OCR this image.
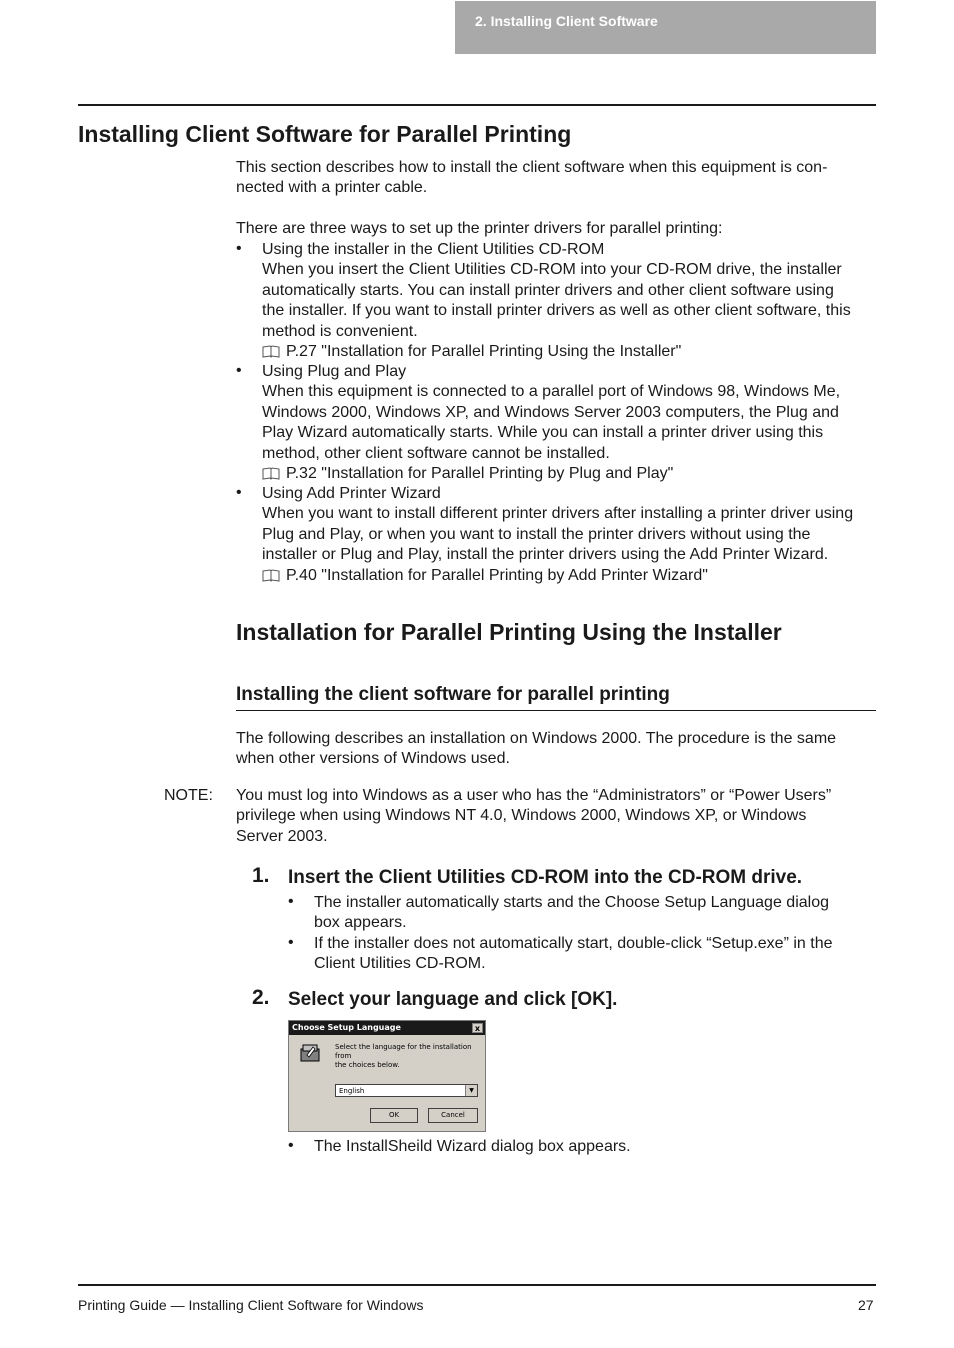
2. Installing Client Software
Installing Client Software for Parallel Printing
This section describes how to install the client software when this equipment is con-
nected with a printer cable.
There are three ways to set up the printer drivers for parallel printing:
• Using the installer in the Client Utilities CD-ROM
When you insert the Client Utilities CD-ROM into your CD-ROM drive, the installer
automatically starts. You can install printer drivers and other client software using
the installer. If you want to install printer drivers as well as other client software, this
method is convenient.
P.27 "Installation for Parallel Printing Using the Installer"
• Using Plug and Play
When this equipment is connected to a parallel port of Windows 98, Windows Me,
Windows 2000, Windows XP, and Windows Server 2003 computers, the Plug and
Play Wizard automatically starts. While you can install a printer driver using this
method, other client software cannot be installed.
P.32 "Installation for Parallel Printing by Plug and Play"
• Using Add Printer Wizard
When you want to install different printer drivers after installing a printer driver using
Plug and Play, or when you want to install the printer drivers without using the
installer or Plug and Play, install the printer drivers using the Add Printer Wizard.
P.40 "Installation for Parallel Printing by Add Printer Wizard"
Installation for Parallel Printing Using the Installer
Installing the client software for parallel printing
The following describes an installation on Windows 2000. The procedure is the same
when other versions of Windows used.
NOTE: You must log into Windows as a user who has the “Administrators” or “Power Users”
privilege when using Windows NT 4.0, Windows 2000, Windows XP, or Windows
Server 2003.
1. Insert the Client Utilities CD-ROM into the CD-ROM drive.
• The installer automatically starts and the Choose Setup Language dialog
box appears.
• If the installer does not automatically start, double-click “Setup.exe” in the
Client Utilities CD-ROM.
2. Select your language and click [OK].
Choose Setup Language	x
Select the language for the installation from
the choices below.
English	▼
OK	Cancel
• The InstallSheild Wizard dialog box appears.
Printing Guide — Installing Client Software for Windows	27
